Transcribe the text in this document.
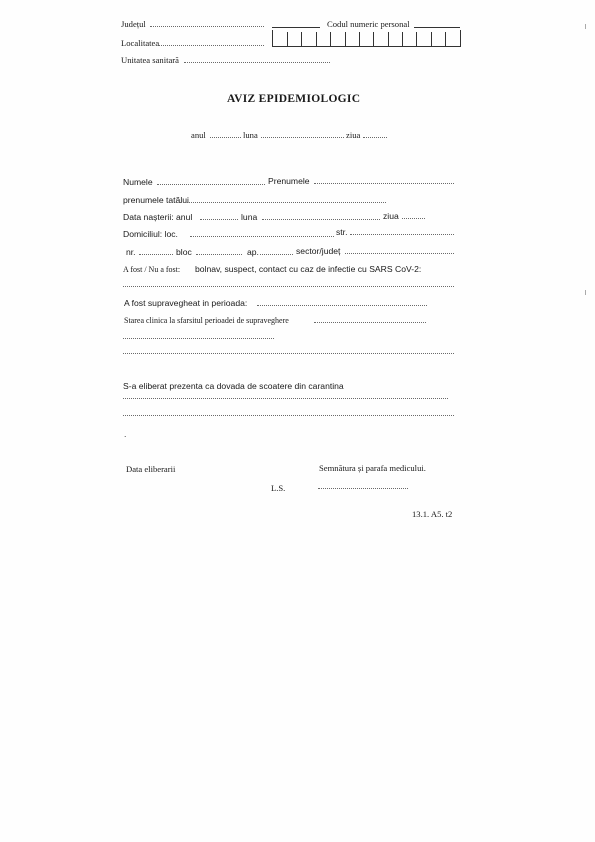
Județul	Codul numeric personal
Localitatea
Unitatea sanitară
AVIZ EPIDEMIOLOGIC
anul	luna	ziua
Numele	Prenumele
prenumele tatălui
Data nașterii: anul	luna	ziua
Domiciliul: loc.	str.
nr.	bloc	ap.	sector/județ
A fost / Nu a fost: bolnav, suspect, contact cu caz de infectie cu SARS CoV-2:
A fost supravegheat in perioada:
Starea clinica la sfarsitul perioadei de supraveghere
S-a eliberat prezenta ca dovada de scoatere din carantina
.
Data eliberarii	Semnătura și parafa medicului.
L.S.
13.1. A5. t2
